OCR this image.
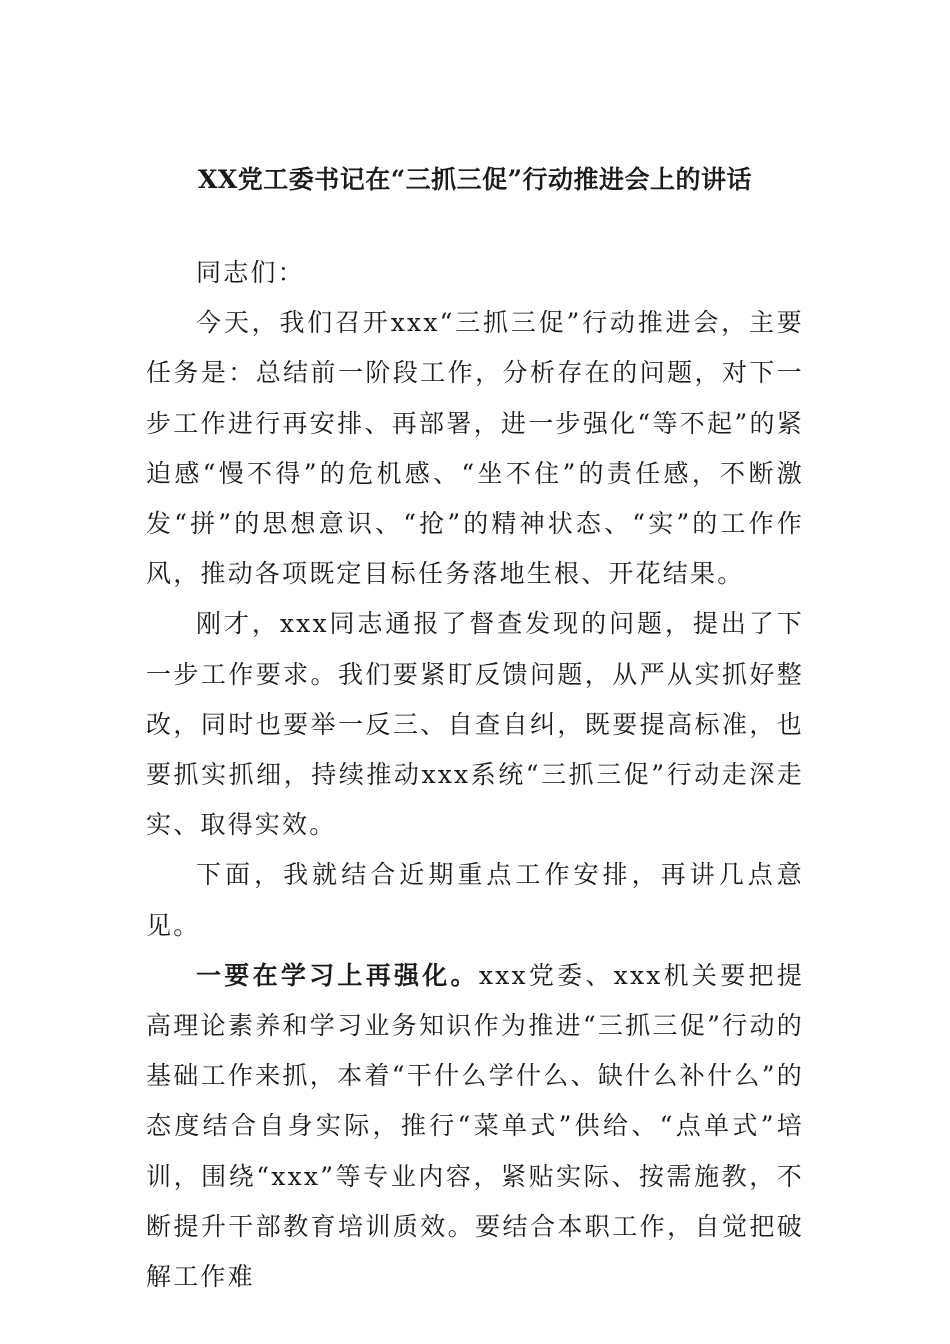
XX党工委书记在“三抓三促”行动推进会上的讲话

同志们：

今天，我们召开xxx“三抓三促”行动推进会，主要任务是：总结前一阶段工作，分析存在的问题，对下一步工作进行再安排、再部署，进一步强化“等不起”的紧迫感“慢不得”的危机感、“坐不住”的责任感，不断激发“拼”的思想意识、“抢”的精神状态、“实”的工作作风，推动各项既定目标任务落地生根、开花结果。

刚才，xxx同志通报了督查发现的问题，提出了下一步工作要求。我们要紧盯反馈问题，从严从实抓好整改，同时也要举一反三、自查自纠，既要提高标准，也要抓实抓细，持续推动xxx系统“三抓三促”行动走深走实、取得实效。

下面，我就结合近期重点工作安排，再讲几点意见。

一要在学习上再强化。xxx党委、xxx机关要把提高理论素养和学习业务知识作为推进“三抓三促”行动的基础工作来抓，本着“干什么学什么、缺什么补什么”的态度结合自身实际，推行“菜单式”供给、“点单式”培训，围绕“xxx”等专业内容，紧贴实际、按需施教，不断提升干部教育培训质效。要结合本职工作，自觉把破解工作难
